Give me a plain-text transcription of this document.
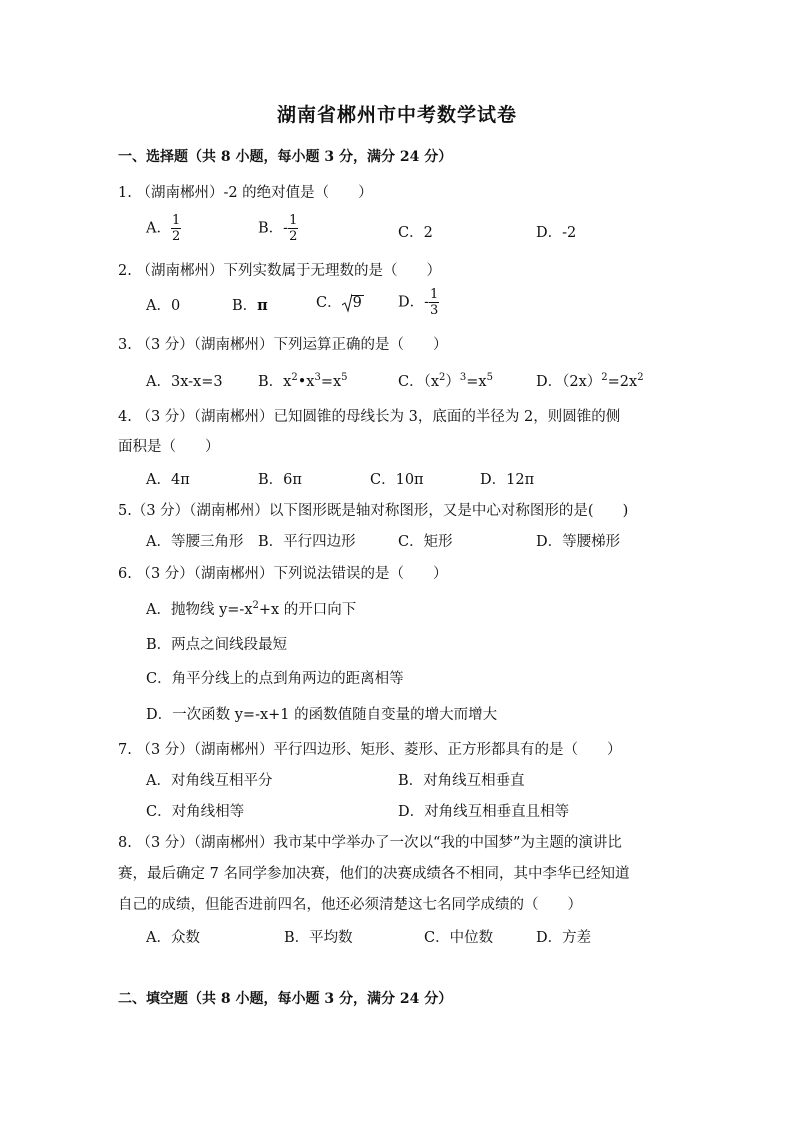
湖南省郴州市中考数学试卷
一、选择题（共 8 小题，每小题 3 分，满分 24 分）
1. （湖南郴州）-2 的绝对值是（　　）
A． $\frac{1}{2}$	B．- $\frac{1}{2}$	C．2	D．-2
2. （湖南郴州）下列实数属于无理数的是（　　）
A．0	B．π	C． 9 D．- $\frac{1}{3}$
3. （3 分）（湖南郴州）下列运算正确的是（　　）
A．3x-x=3 B．$x^2•x^3=x^5$	C．$(x^2)^3=x^5$	D．$(2x)^2=2x^2$
4. （3 分）（湖南郴州）已知圆锥的母线长为 3，底面的半径为 2，则圆锥的侧
面积是（　　）
A．4π	B．6π	C．10π	D．12π
5.（3 分）（湖南郴州）以下图形既是轴对称图形，又是中心对称图形的是(　　)
A．等腰三角形 B．平行四边形	C．矩形	D．等腰梯形
6. （3 分）（湖南郴州）下列说法错误的是（　　）
A．抛物线 $y=-x^2+x$ 的开口向下
B．两点之间线段最短
C．角平分线上的点到角两边的距离相等
D．一次函数 y=-x+1 的函数值随自变量的增大而增大
7. （3 分）（湖南郴州）平行四边形、矩形、菱形、正方形都具有的是（　　）
A．对角线互相平分	B．对角线互相垂直
C．对角线相等	D．对角线互相垂直且相等
8. （3 分）（湖南郴州）我市某中学举办了一次以“我的中国梦”为主题的演讲比
赛，最后确定 7 名同学参加决赛，他们的决赛成绩各不相同，其中李华已经知道
自己的成绩，但能否进前四名，他还必须清楚这七名同学成绩的（　　）
A．众数	B．平均数	C．中位数	D．方差
二、填空题（共 8 小题，每小题 3 分，满分 24 分）
